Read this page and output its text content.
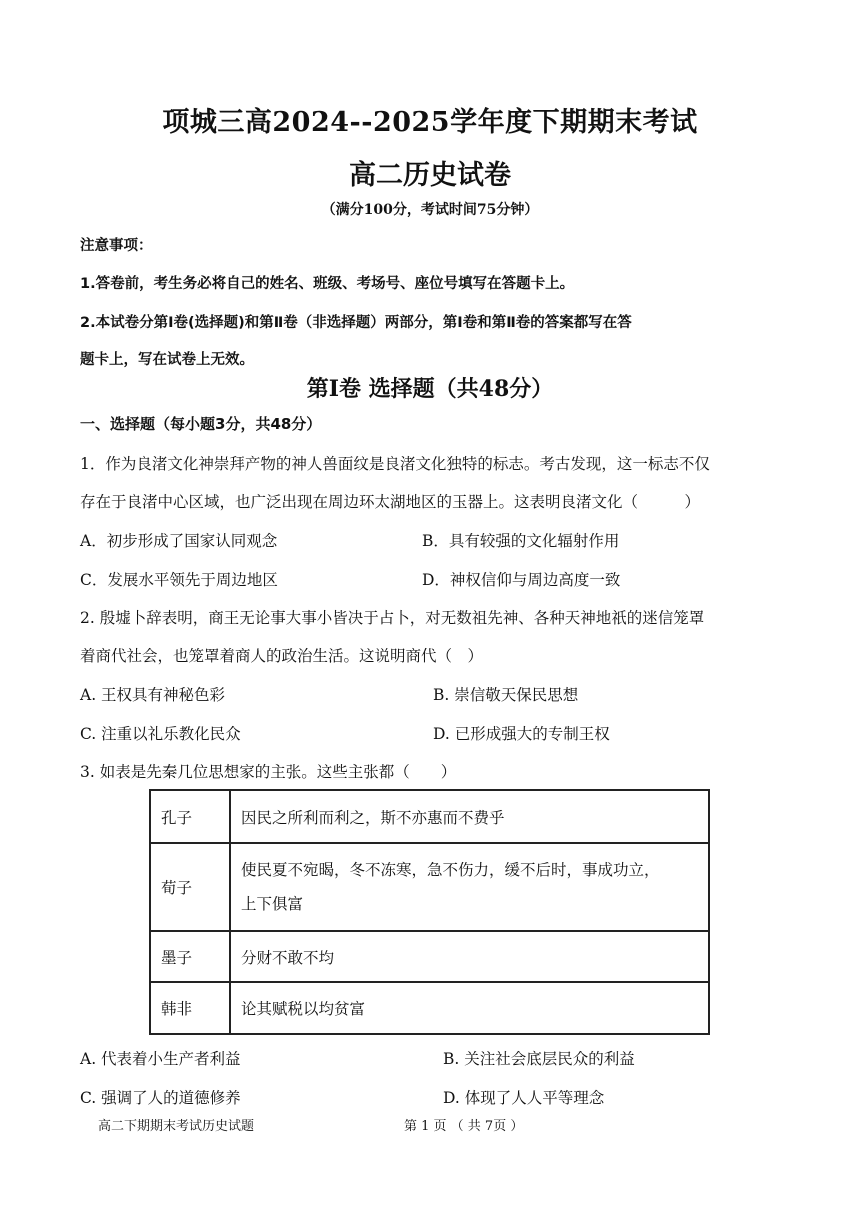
项城三高2024--2025学年度下期期末考试
高二历史试卷
（满分100分，考试时间75分钟）
注意事项：
1.答卷前，考生务必将自己的姓名、班级、考场号、座位号填写在答题卡上。
2.本试卷分第Ⅰ卷(选择题)和第Ⅱ卷（非选择题）两部分，第Ⅰ卷和第Ⅱ卷的答案都写在答
题卡上，写在试卷上无效。
第Ⅰ卷 选择题（共48分）
一、选择题（每小题3分，共48分）
1．作为良渚文化神崇拜产物的神人兽面纹是良渚文化独特的标志。考古发现，这一标志不仅
存在于良渚中心区域，也广泛出现在周边环太湖地区的玉器上。这表明良渚文化（　　　）
A．初步形成了国家认同观念	B．具有较强的文化辐射作用
C．发展水平领先于周边地区	D．神权信仰与周边高度一致
2. 殷墟卜辞表明，商王无论事大事小皆决于占卜，对无数祖先神、各种天神地祇的迷信笼罩
着商代社会，也笼罩着商人的政治生活。这说明商代（　）
A. 王权具有神秘色彩	B. 崇信敬天保民思想
C. 注重以礼乐教化民众	D. 已形成强大的专制王权
3. 如表是先秦几位思想家的主张。这些主张都（　　）
孔子	因民之所利而利之，斯不亦惠而不费乎
荀子	使民夏不宛暍，冬不冻寒，急不伤力，缓不后时，事成功立，
上下俱富

墨子	分财不敢不均
韩非	论其赋税以均贫富
A. 代表着小生产者利益	B. 关注社会底层民众的利益
C. 强调了人的道德修养	D. 体现了人人平等理念
高二下期期末考试历史试题	第 1 页 （ 共 7页 ）
